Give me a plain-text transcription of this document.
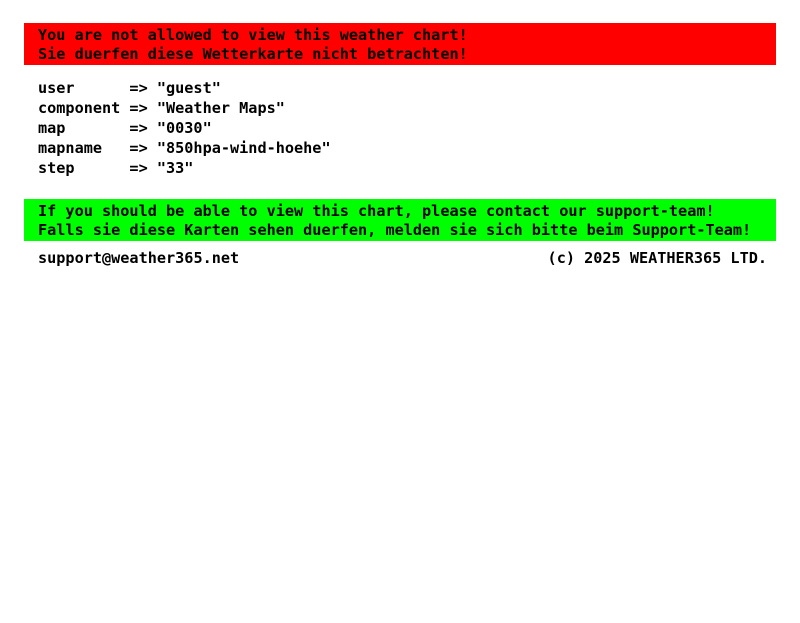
You are not allowed to view this weather chart!
Sie duerfen diese Wetterkarte nicht betrachten!
user	=> "guest"
component => "Weather Maps"
map	=> "0030"
mapname => "850hpa-wind-hoehe"
step	=> "33"
If you should be able to view this chart, please contact our support-team!
Falls sie diese Karten sehen duerfen, melden sie sich bitte beim Support-Team!
support@weather365.net	(c) 2025 WEATHER365 LTD.
